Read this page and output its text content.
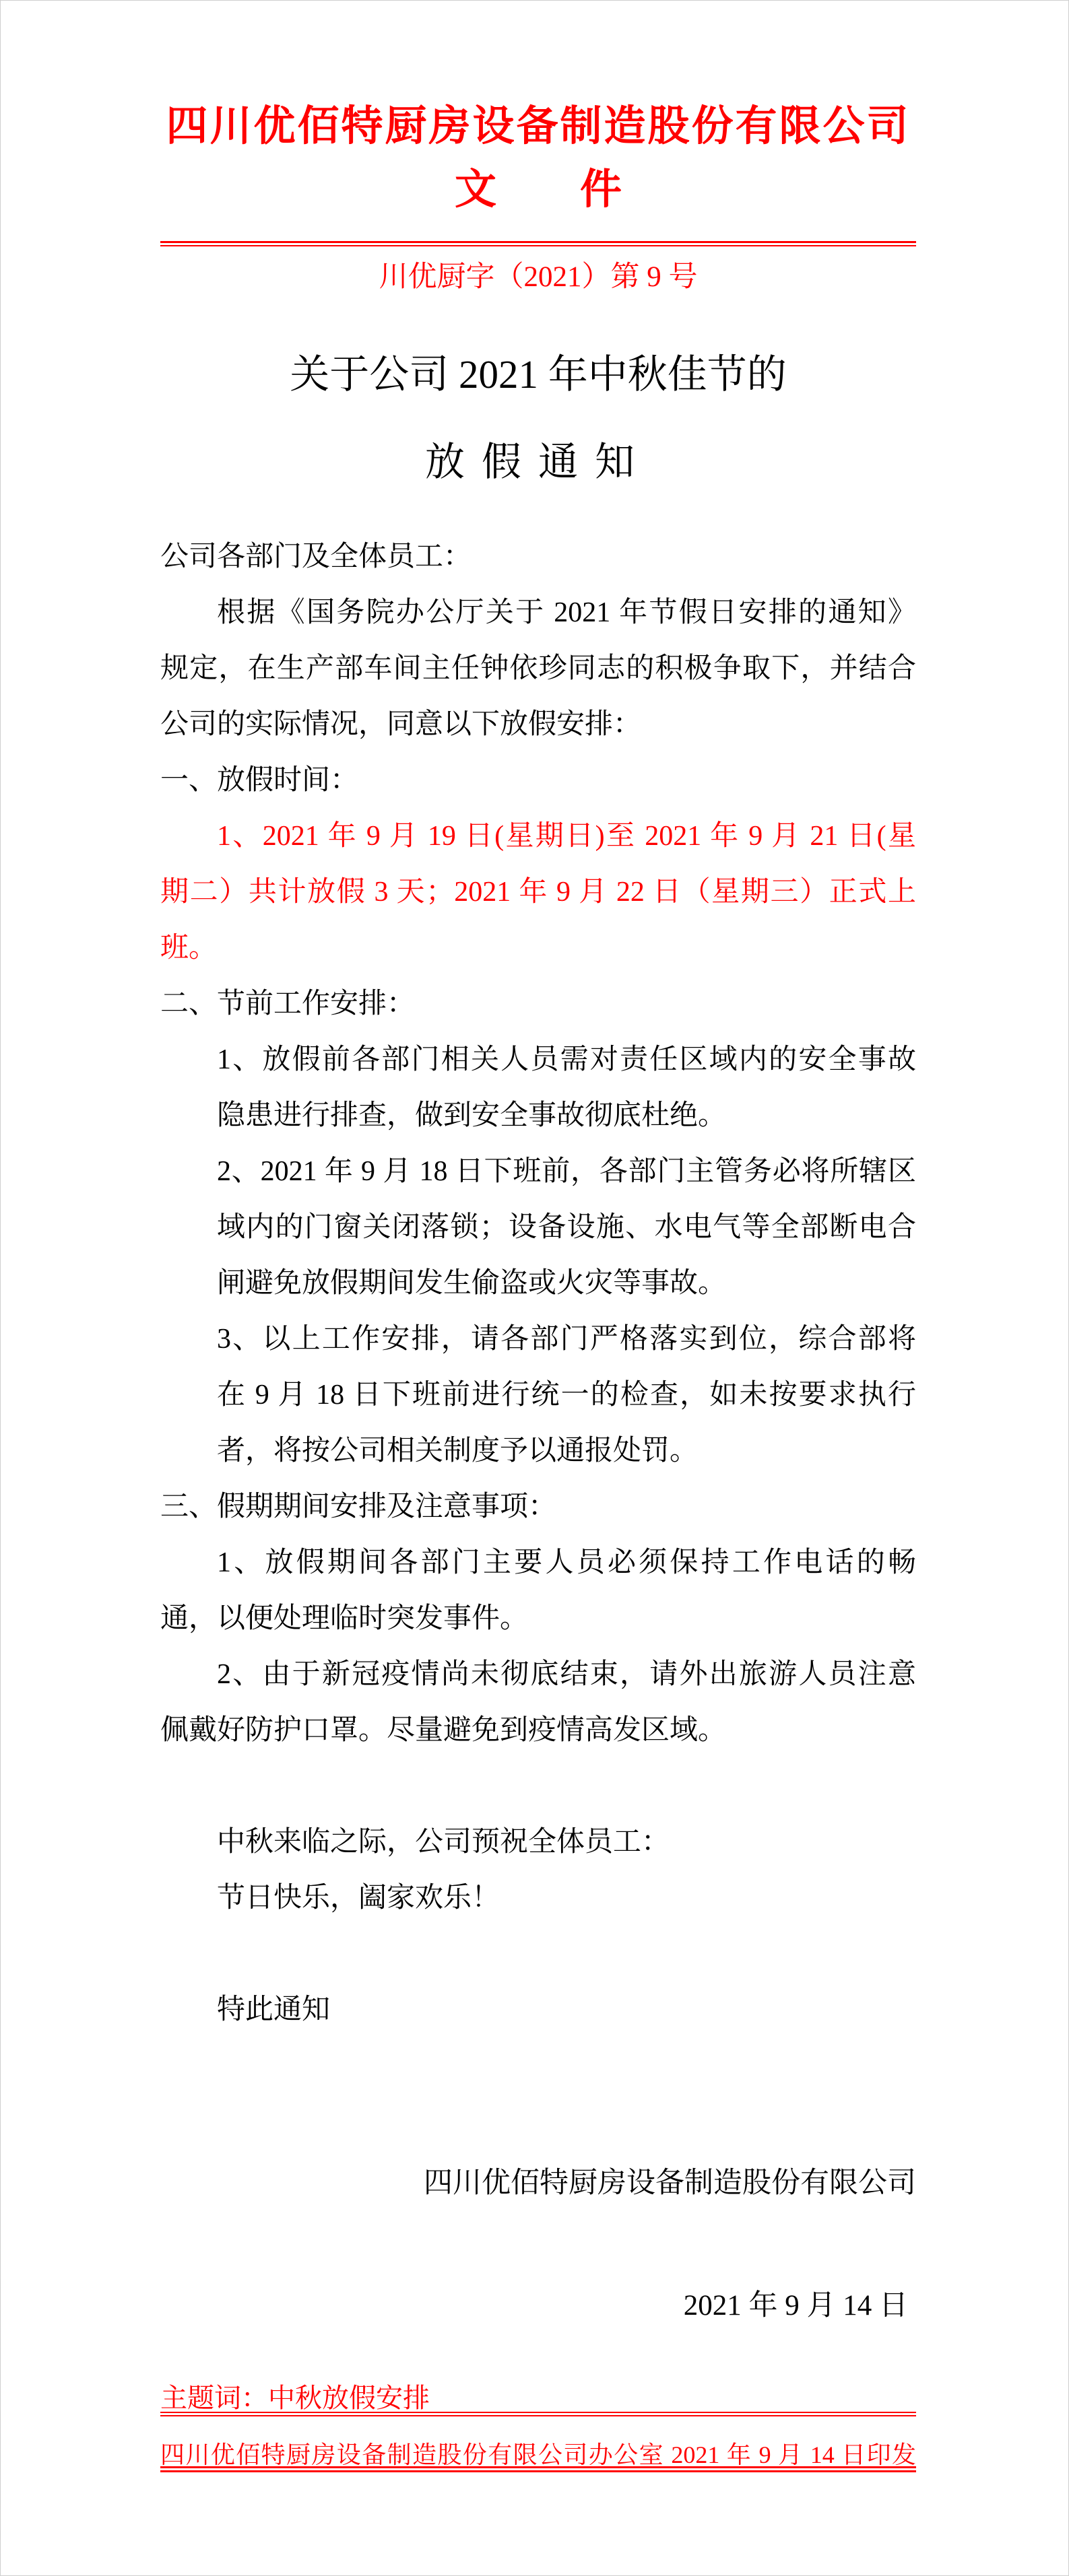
四川优佰特厨房设备制造股份有限公司
文　　件
川优厨字（2021）第 9 号
关于公司 2021 年中秋佳节的
放假通知
公司各部门及全体员工：
根据《国务院办公厅关于 2021 年节假日安排的通知》
规定，在生产部车间主任钟依珍同志的积极争取下，并结合
公司的实际情况，同意以下放假安排：
一、放假时间：
1、2021 年 9 月 19 日(星期日)至 2021 年 9 月 21 日(星
期二）共计放假 3 天；2021 年 9 月 22 日（星期三）正式上
班。
二、节前工作安排：
1、放假前各部门相关人员需对责任区域内的安全事故
隐患进行排查，做到安全事故彻底杜绝。
2、2021 年 9 月 18 日下班前，各部门主管务必将所辖区
域内的门窗关闭落锁；设备设施、水电气等全部断电合
闸避免放假期间发生偷盗或火灾等事故。
3、以上工作安排，请各部门严格落实到位，综合部将
在 9 月 18 日下班前进行统一的检查，如未按要求执行
者，将按公司相关制度予以通报处罚。
三、假期期间安排及注意事项：
1、放假期间各部门主要人员必须保持工作电话的畅
通，以便处理临时突发事件。
2、由于新冠疫情尚未彻底结束，请外出旅游人员注意
佩戴好防护口罩。尽量避免到疫情高发区域。

中秋来临之际，公司预祝全体员工：
节日快乐，阖家欢乐！

特此通知

四川优佰特厨房设备制造股份有限公司

2021 年 9 月 14 日

主题词：中秋放假安排
四川优佰特厨房设备制造股份有限公司办公室 2021 年 9 月 14 日印发
